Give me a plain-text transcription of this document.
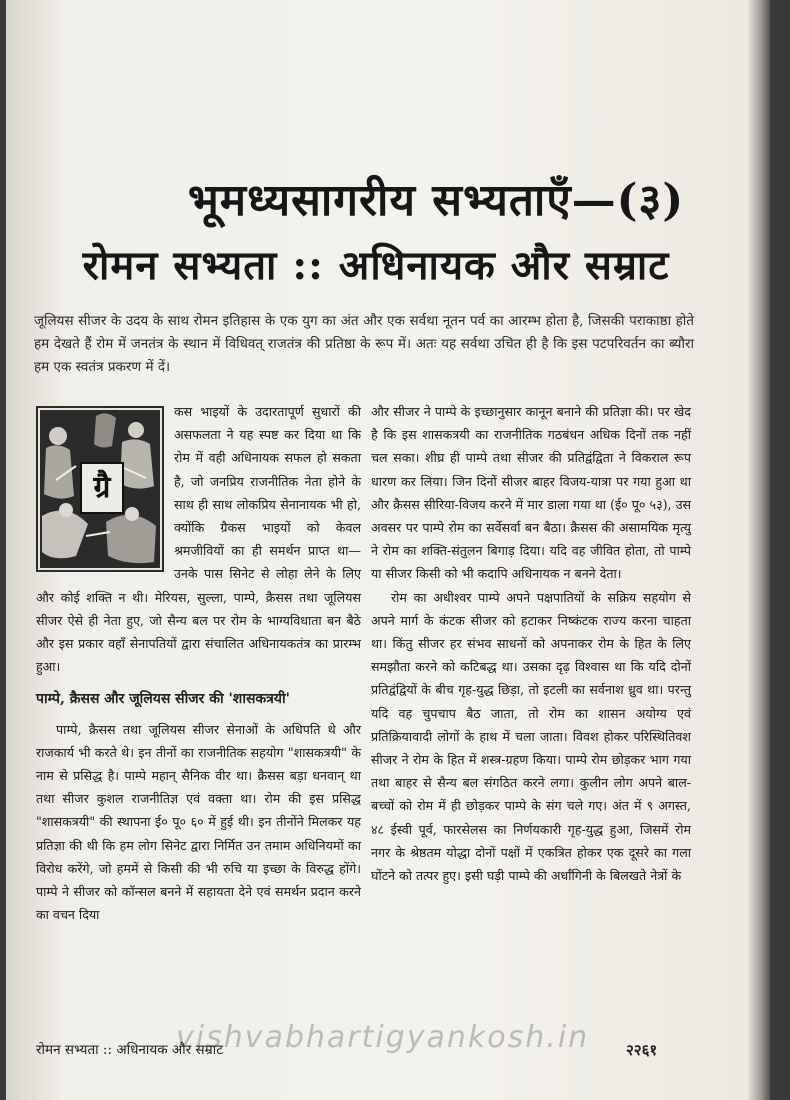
भूमध्यसागरीय सभ्यताएँ—(३)
रोमन सभ्यता :: अधिनायक और सम्राट
जूलियस सीजर के उदय के साथ रोमन इतिहास के एक युग का अंत और एक सर्वथा नूतन पर्व का आरम्भ होता है, जिसकी पराकाष्ठा होते हम देखते हैं रोम में जनतंत्र के स्थान में विधिवत् राजतंत्र की प्रतिष्ठा के रूप में। अतः यह सर्वथा उचित ही है कि इस पटपरिवर्तन का ब्यौरा हम एक स्वतंत्र प्रकरण में दें।
ग्रै

कस भाइयों के उदारतापूर्ण सुधारों की असफलता ने यह स्पष्ट कर दिया था कि रोम में वही अधिनायक सफल हो सकता है, जो जनप्रिय राजनीतिक नेता होने के साथ ही साथ लोकप्रिय सेनानायक भी हो, क्योंकि ग्रैकस भाइयों को केवल श्रमजीवियों का ही समर्थन प्राप्त था—उनके पास सिनेट से लोहा लेने के लिए और कोई शक्ति न थी। मेरियस, सुल्ला, पाम्पे, क्रैसस तथा जूलियस सीजर ऐसे ही नेता हुए, जो सैन्य बल पर रोम के भाग्यविधाता बन बैठे और इस प्रकार वहाँ सेनापतियों द्वारा संचालित अधिनायकतंत्र का प्रारम्भ हुआ।

पाम्पे, क्रैसस और जूलियस सीजर की 'शासकत्रयी'

पाम्पे, क्रैसस तथा जूलियस सीजर सेनाओं के अधिपति थे और राजकार्य भी करते थे। इन तीनों का राजनीतिक सहयोग "शासकत्रयी" के नाम से प्रसिद्ध है। पाम्पे महान् सैनिक वीर था। क्रैसस बड़ा धनवान् था तथा सीजर कुशल राजनीतिज्ञ एवं वक्ता था। रोम की इस प्रसिद्ध "शासकत्रयी" की स्थापना ई० पू० ६० में हुई थी। इन तीनोंने मिलकर यह प्रतिज्ञा की थी कि हम लोग सिनेट द्वारा निर्मित उन तमाम अधिनियमों का विरोध करेंगे, जो हममें से किसी की भी रुचि या इच्छा के विरुद्ध होंगे। पाम्पे ने सीजर को कॉन्सल बनने में सहायता देने एवं समर्थन प्रदान करने का वचन दिया

और सीजर ने पाम्पे के इच्छानुसार कानून बनाने की प्रतिज्ञा की। पर खेद है कि इस शासकत्रयी का राजनीतिक गठबंधन अधिक दिनों तक नहीं चल सका। शीघ्र ही पाम्पे तथा सीजर की प्रतिद्वंद्विता ने विकराल रूप धारण कर लिया। जिन दिनों सीजर बाहर विजय-यात्रा पर गया हुआ था और क्रैसस सीरिया-विजय करने में मार डाला गया था (ई० पू० ५३), उस अवसर पर पाम्पे रोम का सर्वेसर्वा बन बैठा। क्रैसस की असामयिक मृत्यु ने रोम का शक्ति-संतुलन बिगाड़ दिया। यदि वह जीवित होता, तो पाम्पे या सीजर किसी को भी कदापि अधिनायक न बनने देता।

रोम का अधीश्वर पाम्पे अपने पक्षपातियों के सक्रिय सहयोग से अपने मार्ग के कंटक सीजर को हटाकर निष्कंटक राज्य करना चाहता था। किंतु सीजर हर संभव साधनों को अपनाकर रोम के हित के लिए समझौता करने को कटिबद्ध था। उसका दृढ़ विश्वास था कि यदि दोनों प्रतिद्वंद्वियों के बीच गृह-युद्ध छिड़ा, तो इटली का सर्वनाश ध्रुव था। परन्तु यदि वह चुपचाप बैठ जाता, तो रोम का शासन अयोग्य एवं प्रतिक्रियावादी लोगों के हाथ में चला जाता। विवश होकर परिस्थितिवश सीजर ने रोम के हित में शस्त्र-ग्रहण किया। पाम्पे रोम छोड़कर भाग गया तथा बाहर से सैन्य बल संगठित करने लगा। कुलीन लोग अपने बाल-बच्चों को रोम में ही छोड़कर पाम्पे के संग चले गए। अंत में ९ अगस्त, ४८ ईस्वी पूर्व, फारसेलस का निर्णयकारी गृह-युद्ध हुआ, जिसमें रोम नगर के श्रेष्ठतम योद्धा दोनों पक्षों में एकत्रित होकर एक दूसरे का गला घोंटने को तत्पर हुए। इसी घड़ी पाम्पे की अर्धांगिनी के बिलखते नेत्रों के

vishvabhartigyankosh.in
रोमन सभ्यता :: अधिनायक और सम्राट	२२६१
